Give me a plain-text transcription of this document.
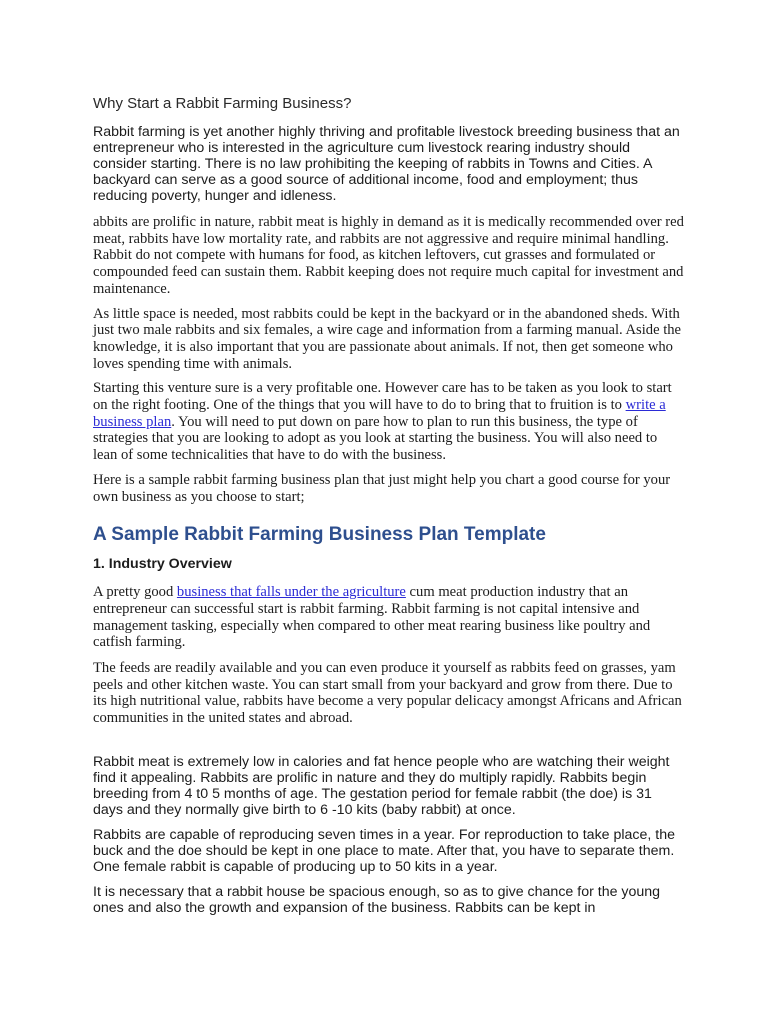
Why Start a Rabbit Farming Business?

Rabbit farming is yet another highly thriving and profitable livestock breeding business that an entrepreneur who is interested in the agriculture cum livestock rearing industry should consider starting. There is no law prohibiting the keeping of rabbits in Towns and Cities. A backyard can serve as a good source of additional income, food and employment; thus reducing poverty, hunger and idleness.

abbits are prolific in nature, rabbit meat is highly in demand as it is medically recommended over red meat, rabbits have low mortality rate, and rabbits are not aggressive and require minimal handling. Rabbit do not compete with humans for food, as kitchen leftovers, cut grasses and formulated or compounded feed can sustain them. Rabbit keeping does not require much capital for investment and maintenance.

As little space is needed, most rabbits could be kept in the backyard or in the abandoned sheds. With just two male rabbits and six females, a wire cage and information from a farming manual. Aside the knowledge, it is also important that you are passionate about animals. If not, then get someone who loves spending time with animals.

Starting this venture sure is a very profitable one. However care has to be taken as you look to start on the right footing. One of the things that you will have to do to bring that to fruition is to write a business plan. You will need to put down on pare how to plan to run this business, the type of strategies that you are looking to adopt as you look at starting the business. You will also need to lean of some technicalities that have to do with the business.

Here is a sample rabbit farming business plan that just might help you chart a good course for your own business as you choose to start;

A Sample Rabbit Farming Business Plan Template
1. Industry Overview

A pretty good business that falls under the agriculture cum meat production industry that an entrepreneur can successful start is rabbit farming. Rabbit farming is not capital intensive and management tasking, especially when compared to other meat rearing business like poultry and catfish farming.

The feeds are readily available and you can even produce it yourself as rabbits feed on grasses, yam peels and other kitchen waste. You can start small from your backyard and grow from there. Due to its high nutritional value, rabbits have become a very popular delicacy amongst Africans and African communities in the united states and abroad.

Rabbit meat is extremely low in calories and fat hence people who are watching their weight find it appealing. Rabbits are prolific in nature and they do multiply rapidly. Rabbits begin breeding from 4 t0 5 months of age. The gestation period for female rabbit (the doe) is 31 days and they normally give birth to 6 -10 kits (baby rabbit) at once.

Rabbits are capable of reproducing seven times in a year. For reproduction to take place, the buck and the doe should be kept in one place to mate. After that, you have to separate them. One female rabbit is capable of producing up to 50 kits in a year.

It is necessary that a rabbit house be spacious enough, so as to give chance for the young ones and also the growth and expansion of the business. Rabbits can be kept in
